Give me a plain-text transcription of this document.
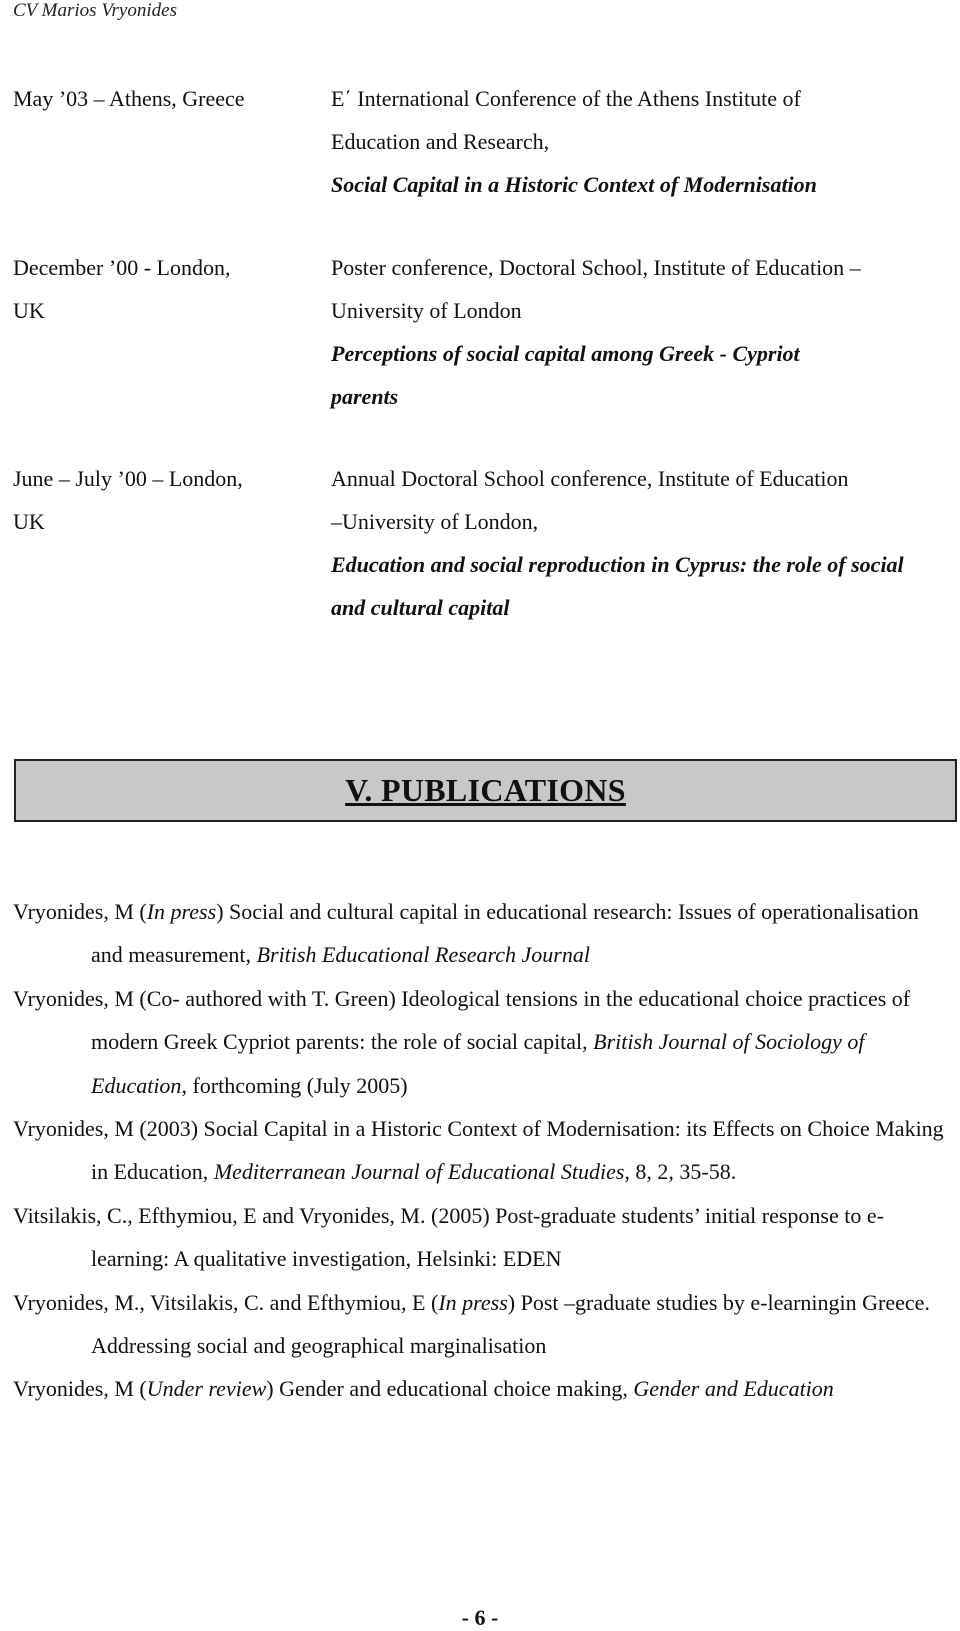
CV Marios Vryonides
May ’03 – Athens, Greece	E΄ International Conference of the Athens Institute of
Education and Research,
Social Capital in a Historic Context of Modernisation
December ’00 - London,
UK
Poster conference, Doctoral School, Institute of Education –
University of London
Perceptions of social capital among Greek - Cypriot parents
June – July ’00 – London,
UK
Annual Doctoral School conference, Institute of Education
–University of London,
Education and social reproduction in Cyprus: the role of social and cultural capital
V. PUBLICATIONS

Vryonides, M (In press) Social and cultural capital in educational research: Issues of operationalisation and measurement, British Educational Research Journal

Vryonides, M (Co- authored with T. Green) Ideological tensions in the educational choice practices of modern Greek Cypriot parents: the role of social capital, British Journal of Sociology of Education, forthcoming (July 2005)

Vryonides, M (2003) Social Capital in a Historic Context of Modernisation: its Effects on Choice Making in Education, Mediterranean Journal of Educational Studies, 8, 2, 35-58.

Vitsilakis, C., Efthymiou, E and Vryonides, M. (2005) Post-graduate students’ initial response to e-learning: A qualitative investigation, Helsinki: EDEN

Vryonides, M., Vitsilakis, C. and Efthymiou, E (In press) Post –graduate studies by e-learningin Greece. Addressing social and geographical marginalisation

Vryonides, M (Under review) Gender and educational choice making, Gender and Education

- 6 -
